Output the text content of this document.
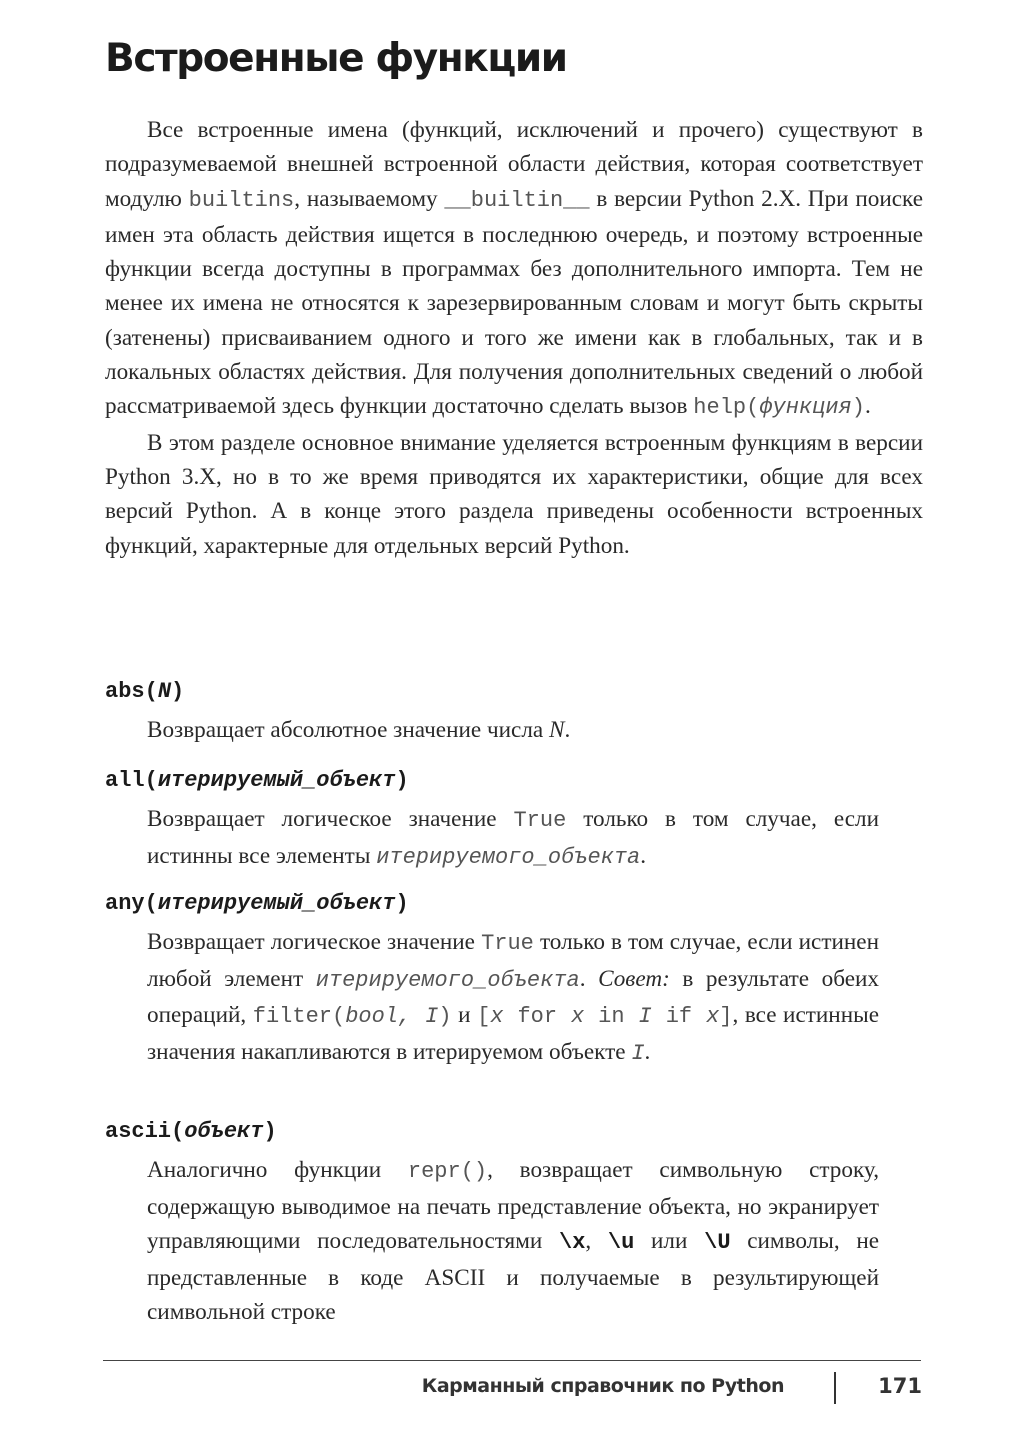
Встроенные функции

Все встроенные имена (функций, исключений и прочего) существуют в подразумеваемой внешней встроенной области действия, которая соответствует модулю builtins, называемому __builtin__ в версии Python 2.X. При поиске имен эта область действия ищется в последнюю очередь, и поэтому встроенные функции всегда доступны в программах без дополнительного импорта. Тем не менее их имена не относятся к зарезервированным словам и могут быть скрыты (затенены) присваиванием одного и того же имени как в глобальных, так и в локальных областях действия. Для получения дополнительных сведений о любой рассматриваемой здесь функции достаточно сделать вызов help(функция).

В этом разделе основное внимание уделяется встроенным функциям в версии Python 3.X, но в то же время приводятся их характеристики, общие для всех версий Python. А в конце этого раздела приведены особенности встроенных функций, характерные для отдельных версий Python.

abs(N)

Возвращает абсолютное значение числа N.

all(итерируемый_объект)

Возвращает логическое значение True только в том случае, если истинны все элементы итерируемого_объекта.

any(итерируемый_объект)

Возвращает логическое значение True только в том случае, если истинен любой элемент итерируемого_объекта. Совет: в результате обеих операций, filter(bool, I) и [x for x in I if x], все истинные значения накапливаются в итерируемом объекте I.

ascii(объект)

Аналогично функции repr(), возвращает символьную строку, содержащую выводимое на печать представление объекта, но экранирует управляющими последовательностями \x, \u или \U символы, не представленные в коде ASCII и получаемые в результирующей символьной строке

Карманный справочник по Python	171
